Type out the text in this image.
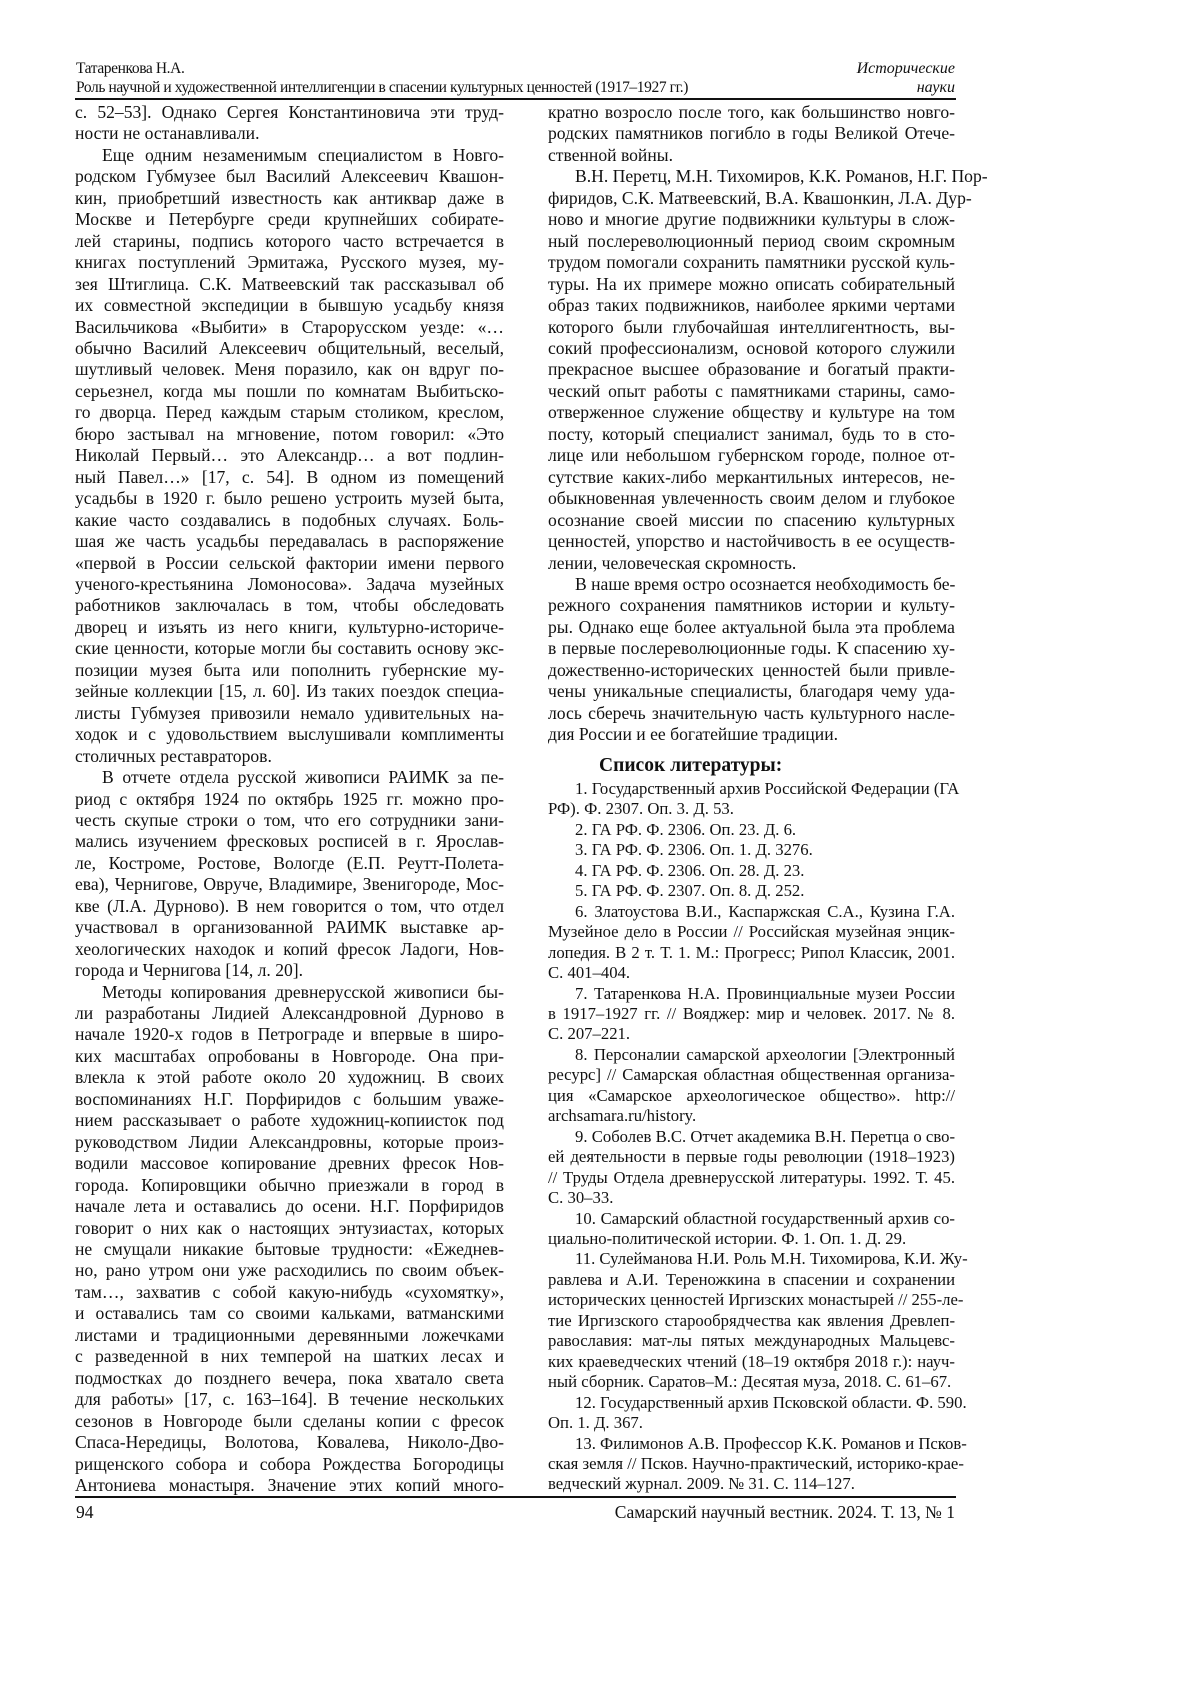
Татаренкова Н.А.
Роль научной и художественной интеллигенции в спасении культурных ценностей (1917–1927 гг.)
Исторические
науки
с. 52–53]. Однако Сергея Константиновича эти труд-
ности не останавливали.
Еще одним незаменимым специалистом в Новго-
родском Губмузее был Василий Алексеевич Квашон-
кин, приобретший известность как антиквар даже в
Москве и Петербурге среди крупнейших собирате-
лей старины, подпись которого часто встречается в
книгах поступлений Эрмитажа, Русского музея, му-
зея Штиглица. С.К. Матвеевский так рассказывал об
их совместной экспедиции в бывшую усадьбу князя
Васильчикова «Выбити» в Старорусском уезде: «…
обычно Василий Алексеевич общительный, веселый,
шутливый человек. Меня поразило, как он вдруг по-
серьезнел, когда мы пошли по комнатам Выбитьско-
го дворца. Перед каждым старым столиком, креслом,
бюро застывал на мгновение, потом говорил: «Это
Николай Первый… это Александр… а вот подлин-
ный Павел…» [17, с. 54]. В одном из помещений
усадьбы в 1920 г. было решено устроить музей быта,
какие часто создавались в подобных случаях. Боль-
шая же часть усадьбы передавалась в распоряжение
«первой в России сельской фактории имени первого
ученого-крестьянина Ломоносова». Задача музейных
работников заключалась в том, чтобы обследовать
дворец и изъять из него книги, культурно-историче-
ские ценности, которые могли бы составить основу экс-
позиции музея быта или пополнить губернские му-
зейные коллекции [15, л. 60]. Из таких поездок специа-
листы Губмузея привозили немало удивительных на-
ходок и с удовольствием выслушивали комплименты
столичных реставраторов.
В отчете отдела русской живописи РАИМК за пе-
риод с октября 1924 по октябрь 1925 гг. можно про-
честь скупые строки о том, что его сотрудники зани-
мались изучением фресковых росписей в г. Ярослав-
ле, Костроме, Ростове, Вологде (Е.П. Реутт-Полета-
ева), Чернигове, Овруче, Владимире, Звенигороде, Мос-
кве (Л.А. Дурново). В нем говорится о том, что отдел
участвовал в организованной РАИМК выставке ар-
хеологических находок и копий фресок Ладоги, Нов-
города и Чернигова [14, л. 20].
Методы копирования древнерусской живописи бы-
ли разработаны Лидией Александровной Дурново в
начале 1920-х годов в Петрограде и впервые в широ-
ких масштабах опробованы в Новгороде. Она при-
влекла к этой работе около 20 художниц. В своих
воспоминаниях Н.Г. Порфиридов с большим уваже-
нием рассказывает о работе художниц-копиисток под
руководством Лидии Александровны, которые произ-
водили массовое копирование древних фресок Нов-
города. Копировщики обычно приезжали в город в
начале лета и оставались до осени. Н.Г. Порфиридов
говорит о них как о настоящих энтузиастах, которых
не смущали никакие бытовые трудности: «Ежеднев-
но, рано утром они уже расходились по своим объек-
там…, захватив с собой какую-нибудь «сухомятку»,
и оставались там со своими кальками, ватманскими
листами и традиционными деревянными ложечками
с разведенной в них темперой на шатких лесах и
подмостках до позднего вечера, пока хватало света
для работы» [17, с. 163–164]. В течение нескольких
сезонов в Новгороде были сделаны копии с фресок
Спаса-Нередицы, Волотова, Ковалева, Николо-Дво-
рищенского собора и собора Рождества Богородицы
Антониева монастыря. Значение этих копий много-
кратно возросло после того, как большинство новго-
родских памятников погибло в годы Великой Отече-
ственной войны.
В.Н. Перетц, М.Н. Тихомиров, К.К. Романов, Н.Г. Пор-
фиридов, С.К. Матвеевский, В.А. Квашонкин, Л.А. Дур-
ново и многие другие подвижники культуры в слож-
ный послереволюционный период своим скромным
трудом помогали сохранить памятники русской куль-
туры. На их примере можно описать собирательный
образ таких подвижников, наиболее яркими чертами
которого были глубочайшая интеллигентность, вы-
сокий профессионализм, основой которого служили
прекрасное высшее образование и богатый практи-
ческий опыт работы с памятниками старины, само-
отверженное служение обществу и культуре на том
посту, который специалист занимал, будь то в сто-
лице или небольшом губернском городе, полное от-
сутствие каких-либо меркантильных интересов, не-
обыкновенная увлеченность своим делом и глубокое
осознание своей миссии по спасению культурных
ценностей, упорство и настойчивость в ее осуществ-
лении, человеческая скромность.
В наше время остро осознается необходимость бе-
режного сохранения памятников истории и культу-
ры. Однако еще более актуальной была эта проблема
в первые послереволюционные годы. К спасению ху-
дожественно-исторических ценностей были привле-
чены уникальные специалисты, благодаря чему уда-
лось сберечь значительную часть культурного насле-
дия России и ее богатейшие традиции.
Список литературы:
1. Государственный архив Российской Федерации (ГА
РФ). Ф. 2307. Оп. 3. Д. 53.
2. ГА РФ. Ф. 2306. Оп. 23. Д. 6.
3. ГА РФ. Ф. 2306. Оп. 1. Д. 3276.
4. ГА РФ. Ф. 2306. Оп. 28. Д. 23.
5. ГА РФ. Ф. 2307. Оп. 8. Д. 252.
6. Златоустова В.И., Каспаржская С.А., Кузина Г.А.
Музейное дело в России // Российская музейная энцик-
лопедия. В 2 т. Т. 1. М.: Прогресс; Рипол Классик, 2001.
С. 401–404.
7. Татаренкова Н.А. Провинциальные музеи России
в 1917–1927 гг. // Вояджер: мир и человек. 2017. № 8.
С. 207–221.
8. Персоналии самарской археологии [Электронный
ресурс] // Самарская областная общественная организа-
ция «Самарское археологическое общество». http://
archsamara.ru/history.
9. Соболев В.С. Отчет академика В.Н. Перетца о сво-
ей деятельности в первые годы революции (1918–1923)
// Труды Отдела древнерусской литературы. 1992. Т. 45.
С. 30–33.
10. Самарский областной государственный архив со-
циально-политической истории. Ф. 1. Оп. 1. Д. 29.
11. Сулейманова Н.И. Роль М.Н. Тихомирова, К.И. Жу-
равлева и А.И. Тереножкина в спасении и сохранении
исторических ценностей Иргизских монастырей // 255-ле-
тие Иргизского старообрядчества как явления Древлеп-
равославия: мат-лы пятых международных Мальцевс-
ких краеведческих чтений (18–19 октября 2018 г.): науч-
ный сборник. Саратов–М.: Десятая муза, 2018. С. 61–67.
12. Государственный архив Псковской области. Ф. 590.
Оп. 1. Д. 367.
13. Филимонов А.В. Профессор К.К. Романов и Псков-
ская земля // Псков. Научно-практический, историко-крае-
ведческий журнал. 2009. № 31. С. 114–127.
94	Самарский научный вестник. 2024. Т. 13, № 1
